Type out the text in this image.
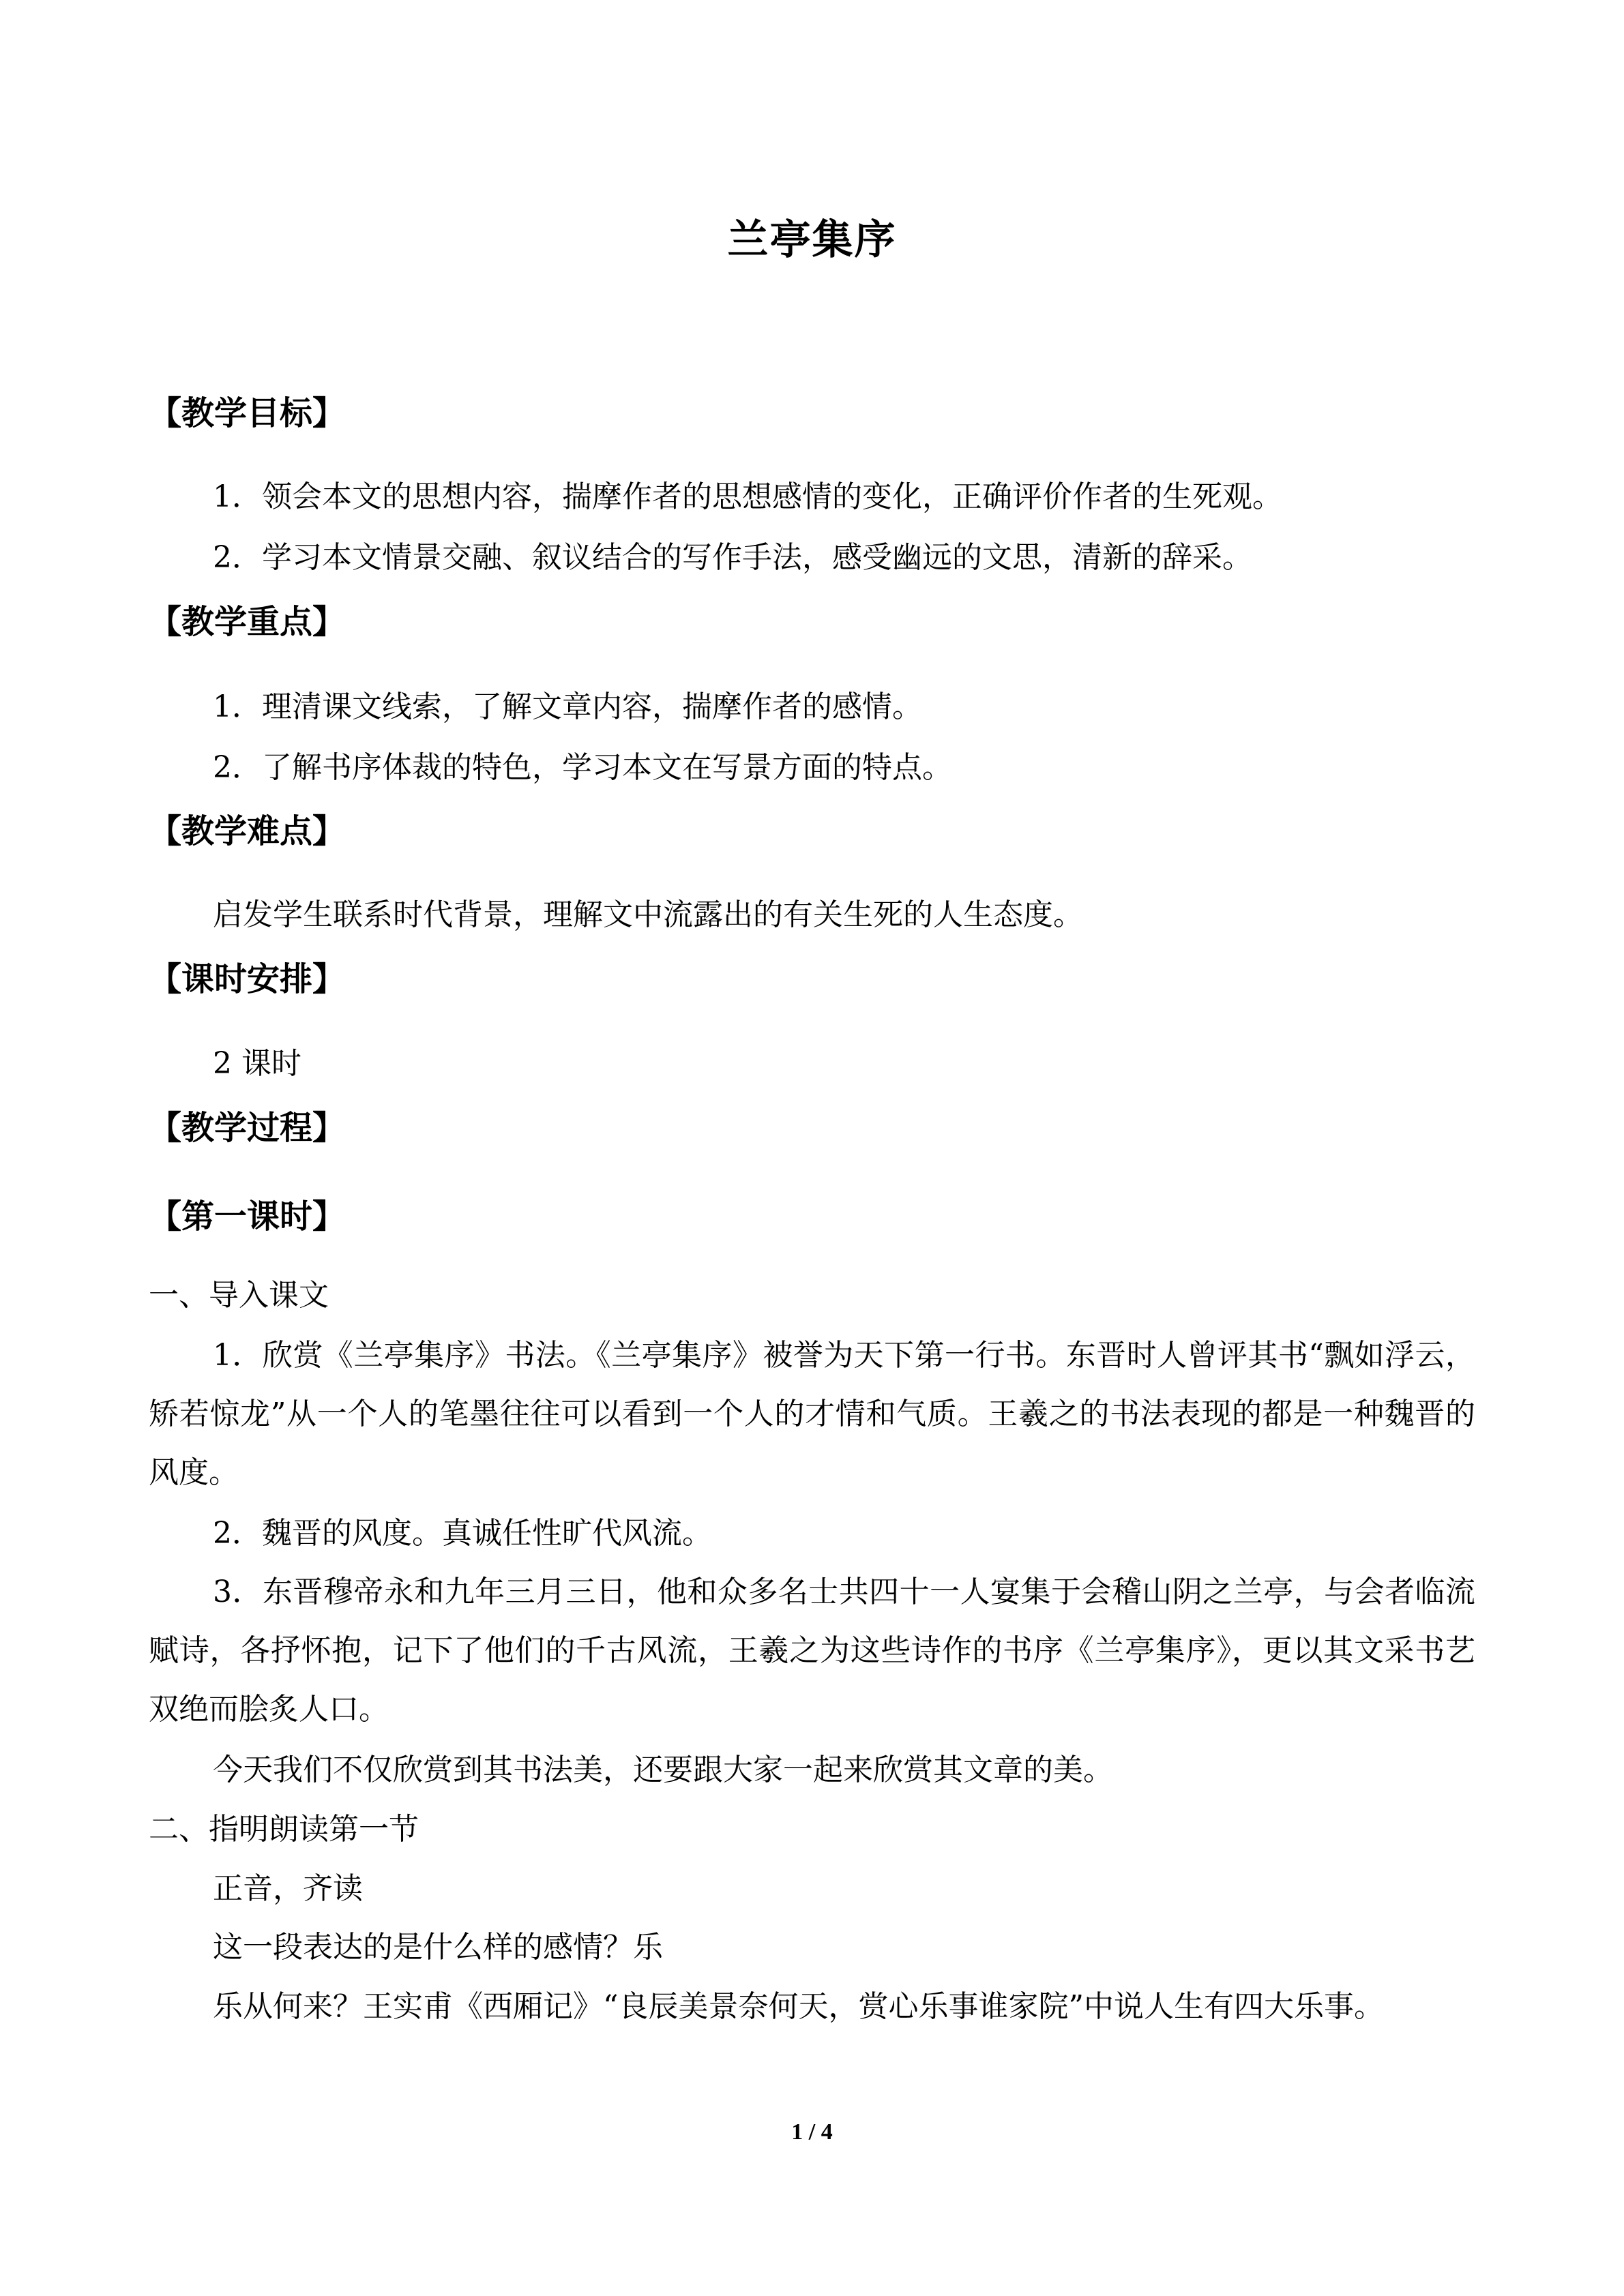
兰亭集序
【教学目标】
1．领会本文的思想内容，揣摩作者的思想感情的变化，正确评价作者的生死观。
2．学习本文情景交融、叙议结合的写作手法，感受幽远的文思，清新的辞采。
【教学重点】
1．理清课文线索，了解文章内容，揣摩作者的感情。
2．了解书序体裁的特色，学习本文在写景方面的特点。
【教学难点】
启发学生联系时代背景，理解文中流露出的有关生死的人生态度。
【课时安排】
2 课时
【教学过程】
【第一课时】
一、导入课文
1．欣赏《兰亭集序》书法。《兰亭集序》被誉为天下第一行书。东晋时人曾评其书“飘如浮云，矫若惊龙”从一个人的笔墨往往可以看到一个人的才情和气质。王羲之的书法表现的都是一种魏晋的风度。
2．魏晋的风度。真诚任性旷代风流。
3．东晋穆帝永和九年三月三日，他和众多名士共四十一人宴集于会稽山阴之兰亭，与会者临流赋诗，各抒怀抱，记下了他们的千古风流，王羲之为这些诗作的书序《兰亭集序》，更以其文采书艺双绝而脍炙人口。
今天我们不仅欣赏到其书法美，还要跟大家一起来欣赏其文章的美。
二、指明朗读第一节
正音，齐读
这一段表达的是什么样的感情？乐
乐从何来？王实甫《西厢记》“良辰美景奈何天，赏心乐事谁家院”中说人生有四大乐事。
1 / 4
